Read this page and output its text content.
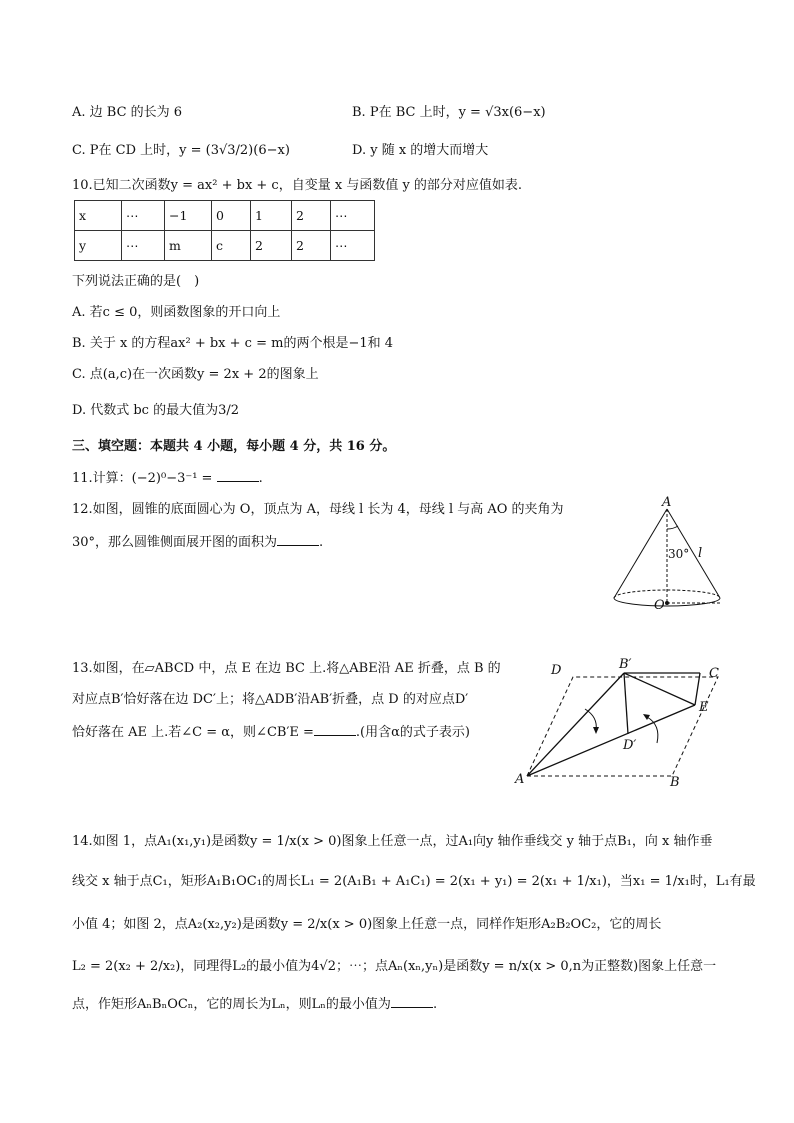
A. 边 BC 的长为 6	B. P在 BC 上时，y = √3x(6−x)
C. P在 CD 上时，y = (3√3/2)(6−x)	D. y 随 x 的增大而增大
10.已知二次函数y = ax² + bx + c，自变量 x 与函数值 y 的部分对应值如表.
x	⋯	−1	0	1	2	⋯
y	⋯	m	c	2	2	⋯
下列说法正确的是(　)
A. 若c ≤ 0，则函数图象的开口向上
B. 关于 x 的方程ax² + bx + c = m的两个根是−1和 4
C. 点(a,c)在一次函数y = 2x + 2的图象上
D. 代数式 bc 的最大值为3/2
三、填空题：本题共 4 小题，每小题 4 分，共 16 分。
11.计算：(−2)⁰−3⁻¹ =	.
12.如图，圆锥的底面圆心为 O，顶点为 A，母线 l 长为 4，母线 l 与高 AO 的夹角为
30°，那么圆锥侧面展开图的面积为	.
A
O
l
30°
13.如图，在▱ABCD 中，点 E 在边 BC 上.将△ABE沿 AE 折叠，点 B 的
对应点B′恰好落在边 DC′上；将△ADB′沿AB′折叠，点 D 的对应点D′
恰好落在 AE 上.若∠C = α，则∠CB′E =	.(用含α的式子表示)
D	B′
C
E
D′
A	B
14.如图 1，点A₁(x₁,y₁)是函数y = 1/x(x > 0)图象上任意一点，过A₁向y 轴作垂线交 y 轴于点B₁，向 x 轴作垂
线交 x 轴于点C₁，矩形A₁B₁OC₁的周长L₁ = 2(A₁B₁ + A₁C₁) = 2(x₁ + y₁) = 2(x₁ + 1/x₁)，当x₁ = 1/x₁时，L₁有最
小值 4；如图 2，点A₂(x₂,y₂)是函数y = 2/x(x > 0)图象上任意一点，同样作矩形A₂B₂OC₂，它的周长
L₂ = 2(x₂ + 2/x₂)，同理得L₂的最小值为4√2；⋯；点Aₙ(xₙ,yₙ)是函数y = n/x(x > 0,n为正整数)图象上任意一
点，作矩形AₙBₙOCₙ，它的周长为Lₙ，则Lₙ的最小值为	.
